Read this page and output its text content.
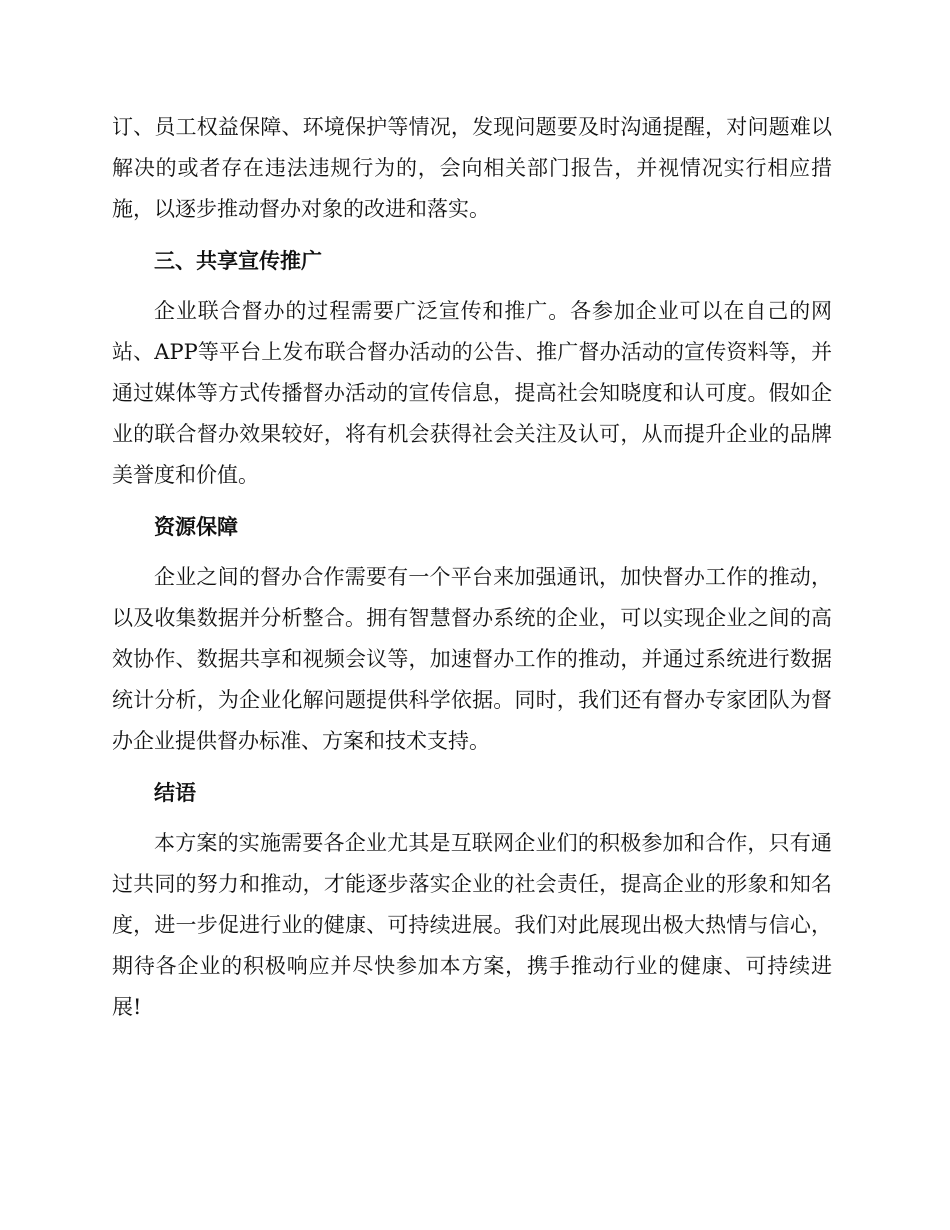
订、员工权益保障、环境保护等情况，发现问题要及时沟通提醒，对问题难以解决的或者存在违法违规行为的，会向相关部门报告，并视情况实行相应措施，以逐步推动督办对象的改进和落实。

三、共享宣传推广

企业联合督办的过程需要广泛宣传和推广。各参加企业可以在自己的网站、APP等平台上发布联合督办活动的公告、推广督办活动的宣传资料等，并通过媒体等方式传播督办活动的宣传信息，提高社会知晓度和认可度。假如企业的联合督办效果较好，将有机会获得社会关注及认可，从而提升企业的品牌美誉度和价值。

资源保障

企业之间的督办合作需要有一个平台来加强通讯，加快督办工作的推动，以及收集数据并分析整合。拥有智慧督办系统的企业，可以实现企业之间的高效协作、数据共享和视频会议等，加速督办工作的推动，并通过系统进行数据统计分析，为企业化解问题提供科学依据。同时，我们还有督办专家团队为督办企业提供督办标准、方案和技术支持。

结语

本方案的实施需要各企业尤其是互联网企业们的积极参加和合作，只有通过共同的努力和推动，才能逐步落实企业的社会责任，提高企业的形象和知名度，进一步促进行业的健康、可持续进展。我们对此展现出极大热情与信心，期待各企业的积极响应并尽快参加本方案，携手推动行业的健康、可持续进展!
